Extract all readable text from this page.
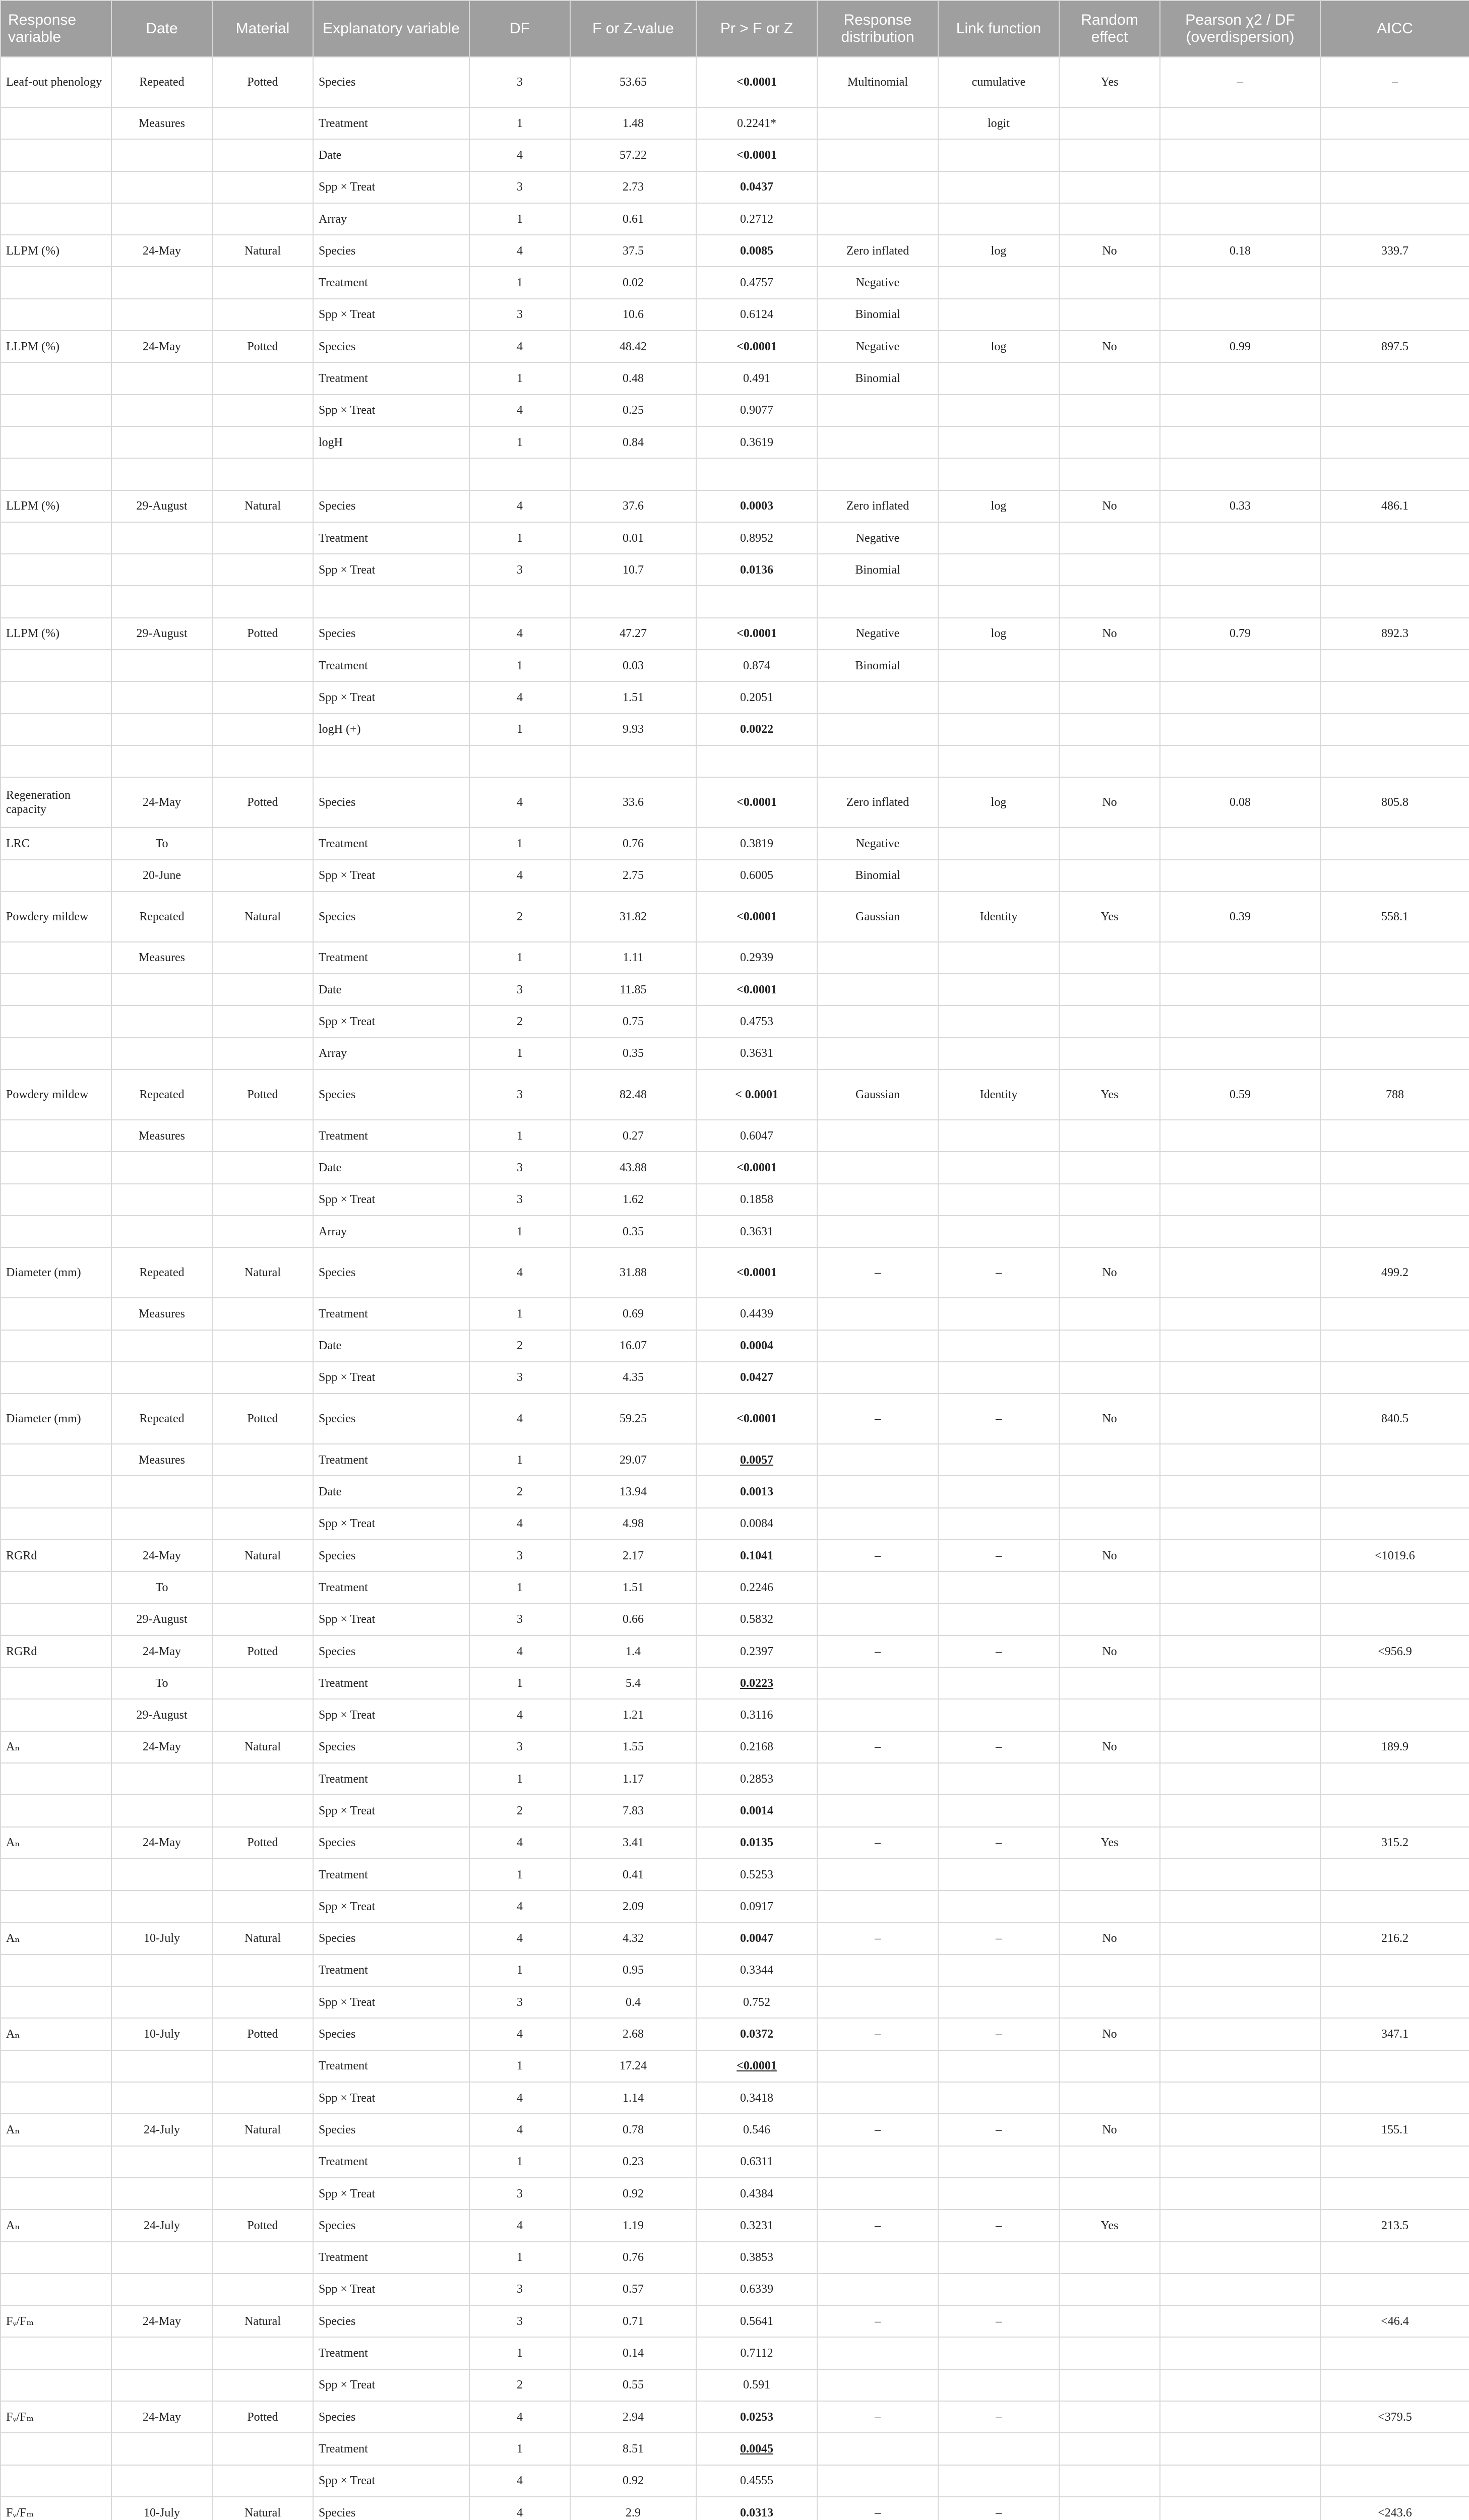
Response variable	Date	Material	Explanatory variable	DF	F or Z-value	Pr > F or Z	Response distribution	Link function	Random effect	Pearson χ2 / DF (overdispersion)	AICC
Leaf-out phenology	Repeated	Potted	Species	3	53.65	<0.0001	Multinomial	cumulative	Yes	–	–
	Measures		Treatment	1	1.48	0.2241*		logit			
			Date	4	57.22	<0.0001					
			Spp × Treat	3	2.73	0.0437					
			Array	1	0.61	0.2712					
LLPM (%)	24-May	Natural	Species	4	37.5	0.0085	Zero inflated	log	No	0.18	339.7
			Treatment	1	0.02	0.4757	Negative				
			Spp × Treat	3	10.6	0.6124	Binomial				
LLPM (%)	24-May	Potted	Species	4	48.42	<0.0001	Negative	log	No	0.99	897.5
			Treatment	1	0.48	0.491	Binomial				
			Spp × Treat	4	0.25	0.9077					
			logH	1	0.84	0.3619					

LLPM (%)	29-August	Natural	Species	4	37.6	0.0003	Zero inflated	log	No	0.33	486.1
			Treatment	1	0.01	0.8952	Negative				
			Spp × Treat	3	10.7	0.0136	Binomial				

LLPM (%)	29-August	Potted	Species	4	47.27	<0.0001	Negative	log	No	0.79	892.3
			Treatment	1	0.03	0.874	Binomial				
			Spp × Treat	4	1.51	0.2051					
			logH (+)	1	9.93	0.0022					

Regeneration capacity	24-May	Potted	Species	4	33.6	<0.0001	Zero inflated	log	No	0.08	805.8
LRC	To		Treatment	1	0.76	0.3819	Negative				
	20-June		Spp × Treat	4	2.75	0.6005	Binomial				
Powdery mildew	Repeated	Natural	Species	2	31.82	<0.0001	Gaussian	Identity	Yes	0.39	558.1
	Measures		Treatment	1	1.11	0.2939					
			Date	3	11.85	<0.0001					
			Spp × Treat	2	0.75	0.4753					
			Array	1	0.35	0.3631					
Powdery mildew	Repeated	Potted	Species	3	82.48	< 0.0001	Gaussian	Identity	Yes	0.59	788
	Measures		Treatment	1	0.27	0.6047					
			Date	3	43.88	<0.0001					
			Spp × Treat	3	1.62	0.1858					
			Array	1	0.35	0.3631					
Diameter (mm)	Repeated	Natural	Species	4	31.88	<0.0001	–	–	No		499.2
	Measures		Treatment	1	0.69	0.4439					
			Date	2	16.07	0.0004					
			Spp × Treat	3	4.35	0.0427					
Diameter (mm)	Repeated	Potted	Species	4	59.25	<0.0001	–	–	No		840.5
	Measures		Treatment	1	29.07	0.0057					
			Date	2	13.94	0.0013					
			Spp × Treat	4	4.98	0.0084					
RGRd	24-May	Natural	Species	3	2.17	0.1041	–	–	No		<1019.6
	To		Treatment	1	1.51	0.2246					
	29-August		Spp × Treat	3	0.66	0.5832					
RGRd	24-May	Potted	Species	4	1.4	0.2397	–	–	No		<956.9
	To		Treatment	1	5.4	0.0223					
	29-August		Spp × Treat	4	1.21	0.3116					
Aₙ	24-May	Natural	Species	3	1.55	0.2168	–	–	No		189.9
			Treatment	1	1.17	0.2853					
			Spp × Treat	2	7.83	0.0014					
Aₙ	24-May	Potted	Species	4	3.41	0.0135	–	–	Yes		315.2
			Treatment	1	0.41	0.5253					
			Spp × Treat	4	2.09	0.0917					
Aₙ	10-July	Natural	Species	4	4.32	0.0047	–	–	No		216.2
			Treatment	1	0.95	0.3344					
			Spp × Treat	3	0.4	0.752					
Aₙ	10-July	Potted	Species	4	2.68	0.0372	–	–	No		347.1
			Treatment	1	17.24	<0.0001					
			Spp × Treat	4	1.14	0.3418					
Aₙ	24-July	Natural	Species	4	0.78	0.546	–	–	No		155.1
			Treatment	1	0.23	0.6311					
			Spp × Treat	3	0.92	0.4384					
Aₙ	24-July	Potted	Species	4	1.19	0.3231	–	–	Yes		213.5
			Treatment	1	0.76	0.3853					
			Spp × Treat	3	0.57	0.6339					
Fᵥ/Fₘ	24-May	Natural	Species	3	0.71	0.5641	–	–			<46.4
			Treatment	1	0.14	0.7112					
			Spp × Treat	2	0.55	0.591					
Fᵥ/Fₘ	24-May	Potted	Species	4	2.94	0.0253	–	–			<379.5
			Treatment	1	8.51	0.0045					
			Spp × Treat	4	0.92	0.4555					
Fᵥ/Fₘ	10-July	Natural	Species	4	2.9	0.0313	–	–			<243.6
